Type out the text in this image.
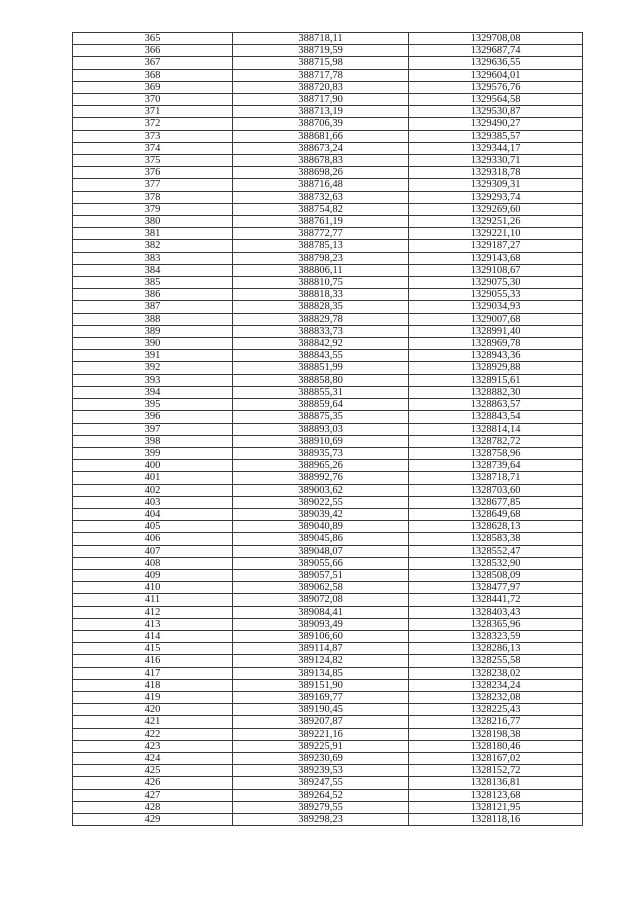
365	388718,11	1329708,08
366	388719,59	1329687,74
367	388715,98	1329636,55
368	388717,78	1329604,01
369	388720,83	1329576,76
370	388717,90	1329564,58
371	388713,19	1329530,87
372	388706,39	1329490,27
373	388681,66	1329385,57
374	388673,24	1329344,17
375	388678,83	1329330,71
376	388698,26	1329318,78
377	388716,48	1329309,31
378	388732,63	1329293,74
379	388754,82	1329269,60
380	388761,19	1329251,26
381	388772,77	1329221,10
382	388785,13	1329187,27
383	388798,23	1329143,68
384	388806,11	1329108,67
385	388810,75	1329075,30
386	388818,33	1329055,33
387	388828,35	1329034,93
388	388829,78	1329007,68
389	388833,73	1328991,40
390	388842,92	1328969,78
391	388843,55	1328943,36
392	388851,99	1328929,88
393	388858,80	1328915,61
394	388855,31	1328882,30
395	388859,64	1328863,57
396	388875,35	1328843,54
397	388893,03	1328814,14
398	388910,69	1328782,72
399	388935,73	1328758,96
400	388965,26	1328739,64
401	388992,76	1328718,71
402	389003,62	1328703,60
403	389022,55	1328677,85
404	389039,42	1328649,68
405	389040,89	1328628,13
406	389045,86	1328583,38
407	389048,07	1328552,47
408	389055,66	1328532,90
409	389057,51	1328508,09
410	389062,58	1328477,97
411	389072,08	1328441,72
412	389084,41	1328403,43
413	389093,49	1328365,96
414	389106,60	1328323,59
415	389114,87	1328286,13
416	389124,82	1328255,58
417	389134,85	1328238,02
418	389151,90	1328234,24
419	389169,77	1328232,08
420	389190,45	1328225,43
421	389207,87	1328216,77
422	389221,16	1328198,38
423	389225,91	1328180,46
424	389230,69	1328167,02
425	389239,53	1328152,72
426	389247,55	1328136,81
427	389264,52	1328123,68
428	389279,55	1328121,95
429	389298,23	1328118,16
